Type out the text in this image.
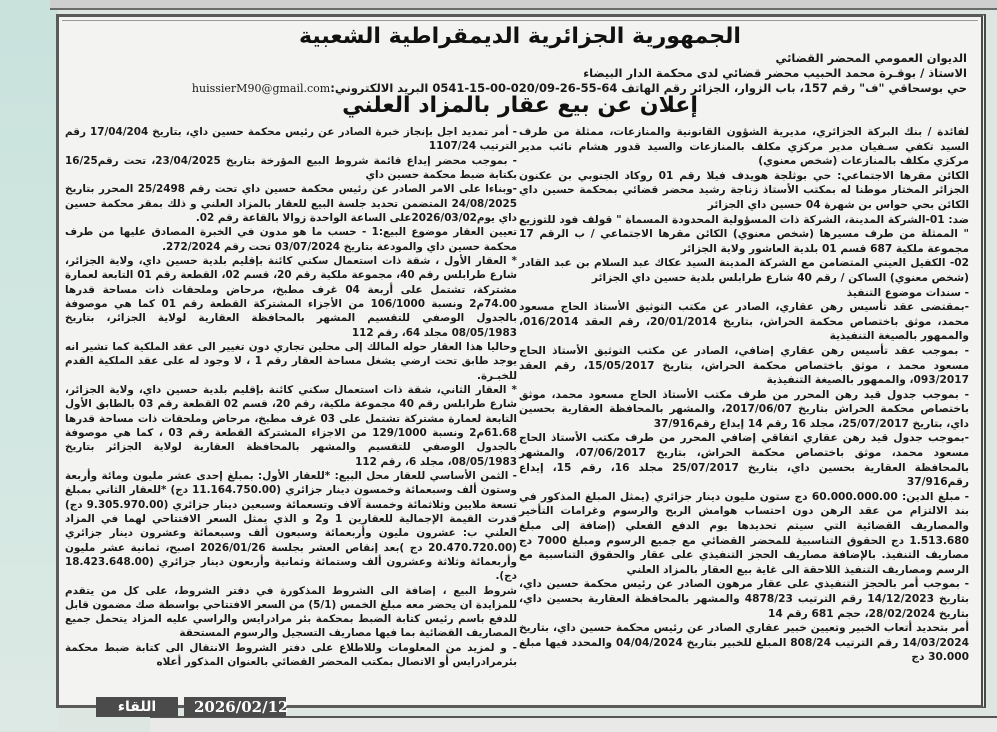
الجمهورية الجزائرية الديمقراطية الشعبية
الديوان العمومي المحضر القضائي
الاستاذ / بوقـرة محمد الحبيب محضر قضائي لدى محكمة الدار البيضاء
حي بوسحاقي "ف" رقم 157، باب الزوار، الجزائر رقم الهاتف 64-55-26-020/09-00-15-0541 البريد الالكتروني:huissierM90@gmail.com
إعلان عن بيع عقار بالمزاد العلني

لفائدة / بنك البركة الجزائري، مديرية الشؤون القانونية والمنازعات، ممثلة من طرف السيد تكفي سـفيان مدير مركزي مكلف بالمنازعات والسيد قدور هشام نائب مدير مركزي مكلف بالمنازعات (شخص معنوي)

الكائن مقرها الاجتماعي: حي بوثلجة هويدف فيلا رقم 01 روكاد الجنوبي بن عكنون الجزائر المختار موطنا له بمكتب الأستاذ زناجة رشيد محضر قضائي بمحكمة حسين داي الكائن بحي حواس بن شهرة 04 حسين داي الجزائر

ضد: 01-الشركة المدينة، الشركة ذات المسؤولية المحدودة المسماة " قولف فود للتوزيع " الممثلة من طرف مسيرها (شخص معنوي) الكائن مقرها الاجتماعي / ب الرقم 17 مجموعة ملكية 687 قسم 01 بلدية العاشور ولاية الجزائر

02- الكفيل العيني المتضامن مع الشركة المدينة السيد عكاك عبد السلام بن عبد القادر (شخص معنوي) الساكن / رقم 40 شارع طرابلس بلدية حسين داي الجزائر

- سندات موضوع التنفيذ

-بمقتضى عقد تأسيس رهن عقاري، الصادر عن مكتب التوثيق الأستاذ الحاج مسعود محمد، موثق باختصاص محكمة الحراش، بتاريخ 20/01/2014، رقم العقد 016/2014، والممهور بالصيغة التنفيذية

- بموجب عقد تأسيس رهن عقاري إضافي، الصادر عن مكتب التوثيق الأستاذ الحاج مسعود محمد ، موثق باختصاص محكمة الحراش، بتاريخ 15/05/2017، رقم العقد 093/2017، والممهور بالصيغة التنفيذية

- بموجب جدول قيد رهن المحرر من طرف مكتب الأستاذ الحاج مسعود محمد، موثق باختصاص محكمة الحراش بتاريخ 2017/06/07، والمشهر بالمحافظة العقارية بحسين داي، بتاريخ 25/07/2017، مجلد 16 رقم 14 إيداع رقم37/916

-بموجب جدول قيد رهن عقاري اتفاقي إضافي المحرر من طرف مكتب الأستاذ الحاج مسعود محمد، موثق باختصاص محكمة الحراش، بتاريخ 07/06/2017، والمشهر بالمحافظة العقارية بحسين داي، بتاريخ 25/07/2017 مجلد 16، رقم 15، إيداع رقم37/916

- مبلغ الدين: 60.000.000.00 دج ستون مليون دينار جزائري (يمثل المبلغ المذكور في بند الالتزام من عقد الرهن دون احتساب هوامش الربح والرسوم وغرامات التأخير والمصاريف القضائية التي سيتم تحديدها يوم الدفع الفعلي (إضافة إلى مبلغ 1.513.680 دج الحقوق التناسبية للمحضر القضائي مع جميع الرسوم ومبلغ 7000 دج مصاريف التنفيذ. بالإضافة مصاريف الحجز التنفيذي على عقار والحقوق التناسبية مع الرسم ومصاريف التنفيذ اللاحقة الى غاية بيع العقار بالمزاد العلني

- بموجب أمر بالحجز التنفيذي على عقار مرهون الصادر عن رئيس محكمة حسين داي، بتاريخ 14/12/2023 رقم الترتيب 4878/23 والمشهر بالمحافظة العقارية بحسين داي، بتاريخ 28/02/2024، حجم 681 رقم 14

أمر بتحديد أتعاب الخبير وتعيين خبير عقاري الصادر عن رئيس محكمة حسين داي، بتاريخ 14/03/2024 رقم الترتيب 808/24 المبلغ للخبير بتاريخ 04/04/2024 والمحدد فيها مبلغ 30.000 دج

- أمر تمديد اجل بإنجاز خبرة الصادر عن رئيس محكمة حسين داي، بتاريخ 17/04/204 رقم الترتيب 1107/24

- بموجب محضر إيداع قائمة شروط البيع المؤرخة بتاريخ 23/04/2025، تحت رقم16/25 بكتابة ضبط محكمة حسين داي

-وبناءا على الامر الصادر عن رئيس محكمة حسين داي تحت رقم 25/2498 المحرر بتاريخ 24/08/2025 المتضمن تحديد جلسة البيع للعقار بالمزاد العلني و ذلك بمقر محكمة حسين داي يوم2026/03/02على الساعة الواحدة زوالا بالقاعة رقم 02.

تعيين العقار موضوع البيع:1 - حسب ما هو مدون في الخبرة المصادق عليها من طرف محكمة حسين داي والمودعة بتاريخ 03/07/2024 تحت رقم 272/2024.

* العقار الأول ، شقة ذات استعمال سكني كائنة بإقليم بلدية حسين داي، ولاية الجزائر، شارع طرابلس رقم 40، مجموعة ملكية رقم 20، قسم 02، القطعة رقم 01 التابعة لعمارة مشتركة، تشتمل على أربعة 04 غرف مطبخ، مرحاض وملحقات ذات مساحة قدرها 74.00م2 ونسبة 106/1000 من الأجزاء المشتركة القطعة رقم 01 كما هي موصوفة بالجدول الوصفي للتقسيم المشهر بالمحافظة العقارية لولاية الجزائر، بتاريخ 08/05/1983 مجلد 64، رقم 112

وحاليا هذا العقار حوله المالك إلى محلين تجاري دون تغيير الى عقد الملكية كما تشير انه يوجد طابق تحت ارضي يشغل مساحة العقار رقم 1 ، لا وجود له على عقد الملكية القدم للخبـرة.

* العقار الثاني، شقة ذات استعمال سكني كائنة بإقليم بلدية حسين داي، ولاية الجزائر، شارع طرابلس رقم 40 مجموعة ملكية، رقم 20، قسم 02 القطعة رقم 03 بالطابق الأول التابعة لعمارة مشتركة تشتمل على 03 غرف مطبخ، مرحاض وملحقات ذات مساحة قدرها 61.68م2 ونسبة 129/1000 من الاجزاء المشتركة القطعة رقم 03 ، كما هي موصوفة بالجدول الوصفي للتقسيم والمشهر بالمحافظة العقارية لولاية الجزائر بتاريخ 08/05/1983، مجلد 6، رقم 112

- الثمن الأساسي للعقار محل البيع: *للعقار الأول: بمبلغ إحدى عشر مليون ومائة وأربعة وستون ألف وسبعمائة وخمسون دينار جزائري (11.164.750.00 دج) *للعقار الثاني بمبلغ تسعة ملايين وثلاثمائة وخمسة آلاف وتسعمائة وسبعين دينار جزائري (9.305.970.00 دج) قدرت القيمة الإجمالية للعقارين 1 و2 و الذي يمثل السعر الافتتاحي لهما في المزاد العلني ب: عشرون مليون وأربعمائة وسبعون ألف وسبعمائة وعشرون دينار جزائري (20.470.720.00 دج )بعد إنقاص العشر بجلسة 2026/01/26 اصبح، ثمانية عشر مليون وأربعمائة وثلاثة وعشرون ألف وستمائة وثمانية وأربعون دينار جزائري (18.423.648.00 دج).

شروط البيع ، إضافة الى الشروط المذكورة في دفتر الشروط، على كل من يتقدم للمزايدة ان يحضر معه مبلغ الخمس (5/1) من السعر الافتتاحي بواسطة صك مضمون قابل للدفع باسم رئيس كتابة الضبط بمحكمة بئر مرادرايس والراسي عليه المزاد يتحمل جميع المصاريف القضائية بما فيها مصاريف التسجيل والرسوم المستحقة

- و لمزيد من المعلومات وللاطلاع على دفتر الشروط الانتقال الى كتابة ضبط محكمة بئرمرادرايس أو الاتصال بمكتب المحضر القضائي بالعنوان المذكور أعلاه

اللقاء	2026/02/12
